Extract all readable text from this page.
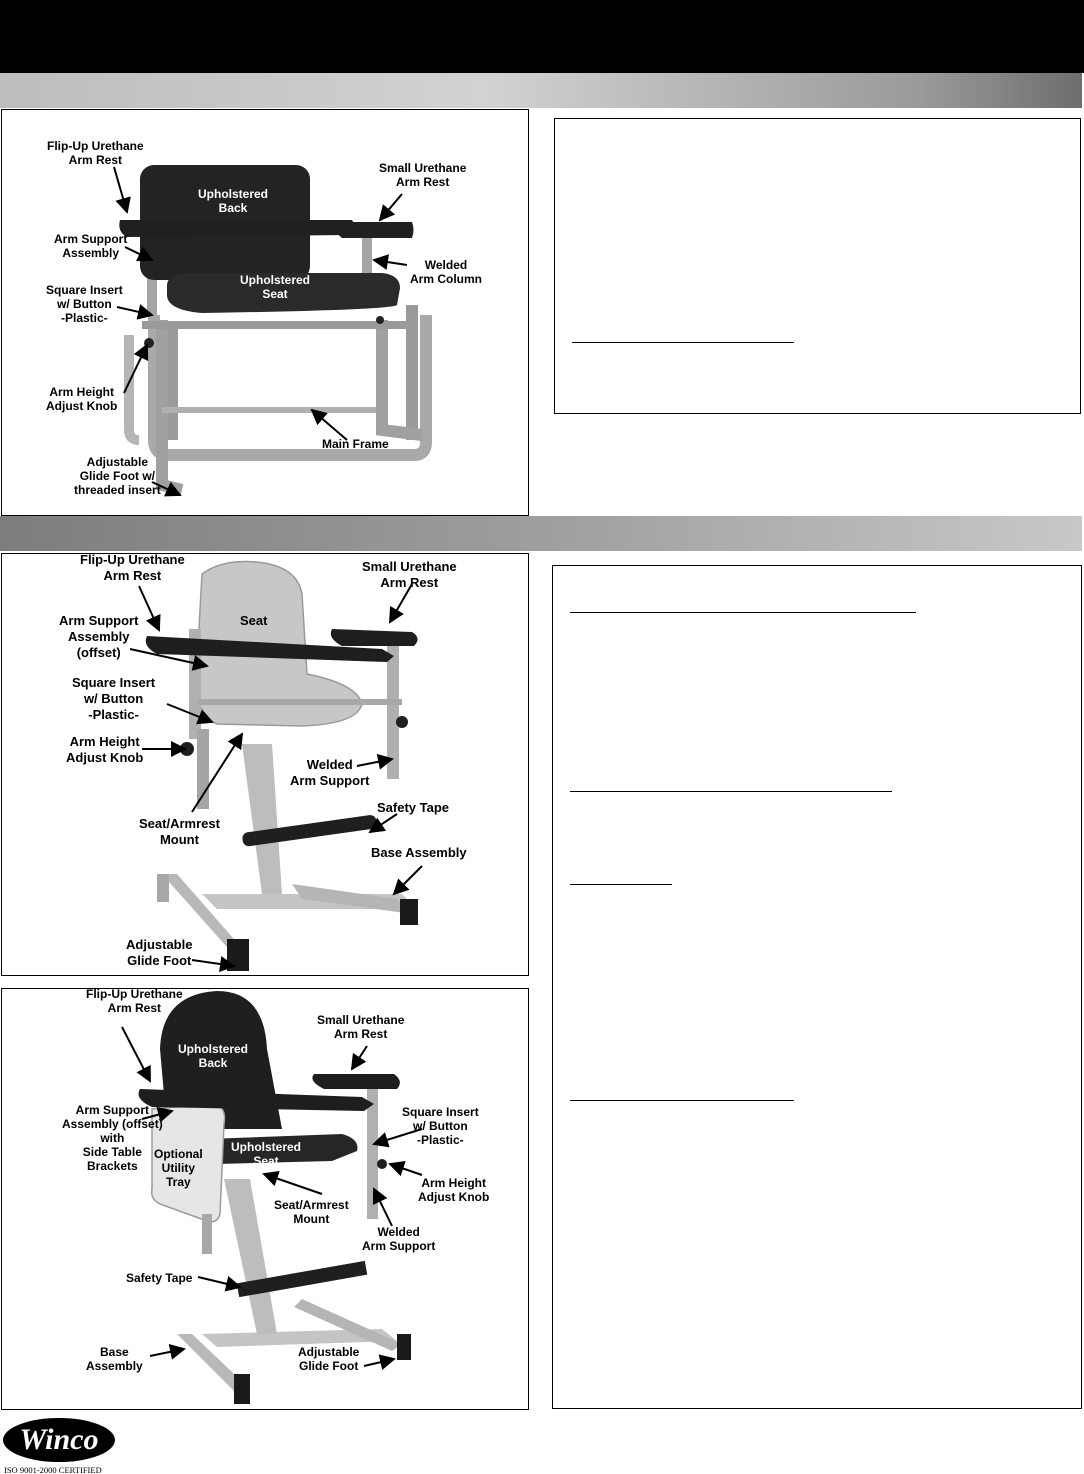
Flip-Up Urethane
Arm Rest
Upholstered
Back
Small Urethane
Arm Rest
Arm Support
Assembly
Upholstered
Seat
Welded
Arm Column
Square Insert
w/ Button
-Plastic-
Arm Height
Adjust Knob
Main Frame
Adjustable
Glide Foot w/
threaded insert
Flip-Up Urethane
Arm Rest
Small Urethane
Arm Rest
Arm Support
Assembly
(offset)
Seat
Square Insert
w/ Button
-Plastic-
Arm Height
Adjust Knob	Welded
Arm Support
Safety Tape
Seat/Armrest
Mount
Base Assembly
Adjustable
Glide Foot
Flip-Up Urethane
Arm Rest
Upholstered
Back
Small Urethane
Arm Rest
Arm Support
Assembly (offset)
with
Side Table
Brackets
Optional
Utility
Tray
Upholstered
Seat
Square Insert
w/ Button
-Plastic-
Arm Height
Adjust Knob
Seat/Armrest
Mount
Welded
Arm Support
Safety Tape
Base
Assembly
Adjustable
Glide Foot
Winco
ISO 9001-2000 CERTIFIED
